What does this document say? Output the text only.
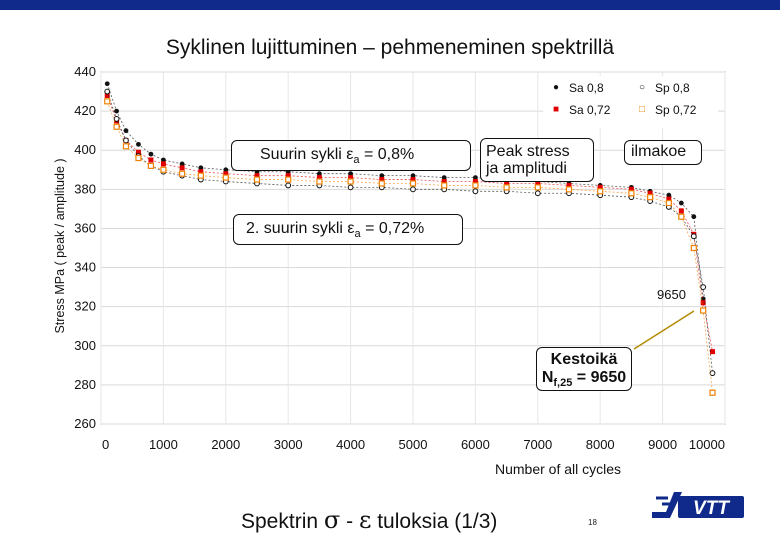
Syklinen lujittuminen – pehmeneminen spektrillä
260
280
300
320
340
360
380
400
420
440
0	1000	2000	3000	4000	5000	6000	7000	8000	9000 10000
Number of all cycles
Stress MPa ( peak / amplitude )
● Sa 0,8	○ Sp 0,8
■ Sa 0,72	□ Sp 0,72
Suurin sykli $\varepsilon_a = 0,8\%$
2. suurin sykli $\varepsilon_a = 0,72\%$
Peak stress
ja amplitudi
ilmakoe
Kestoikä
$N_{f,25} = 9650$
9650
Spektrin σ - ε tuloksia (1/3)	18
VTT
